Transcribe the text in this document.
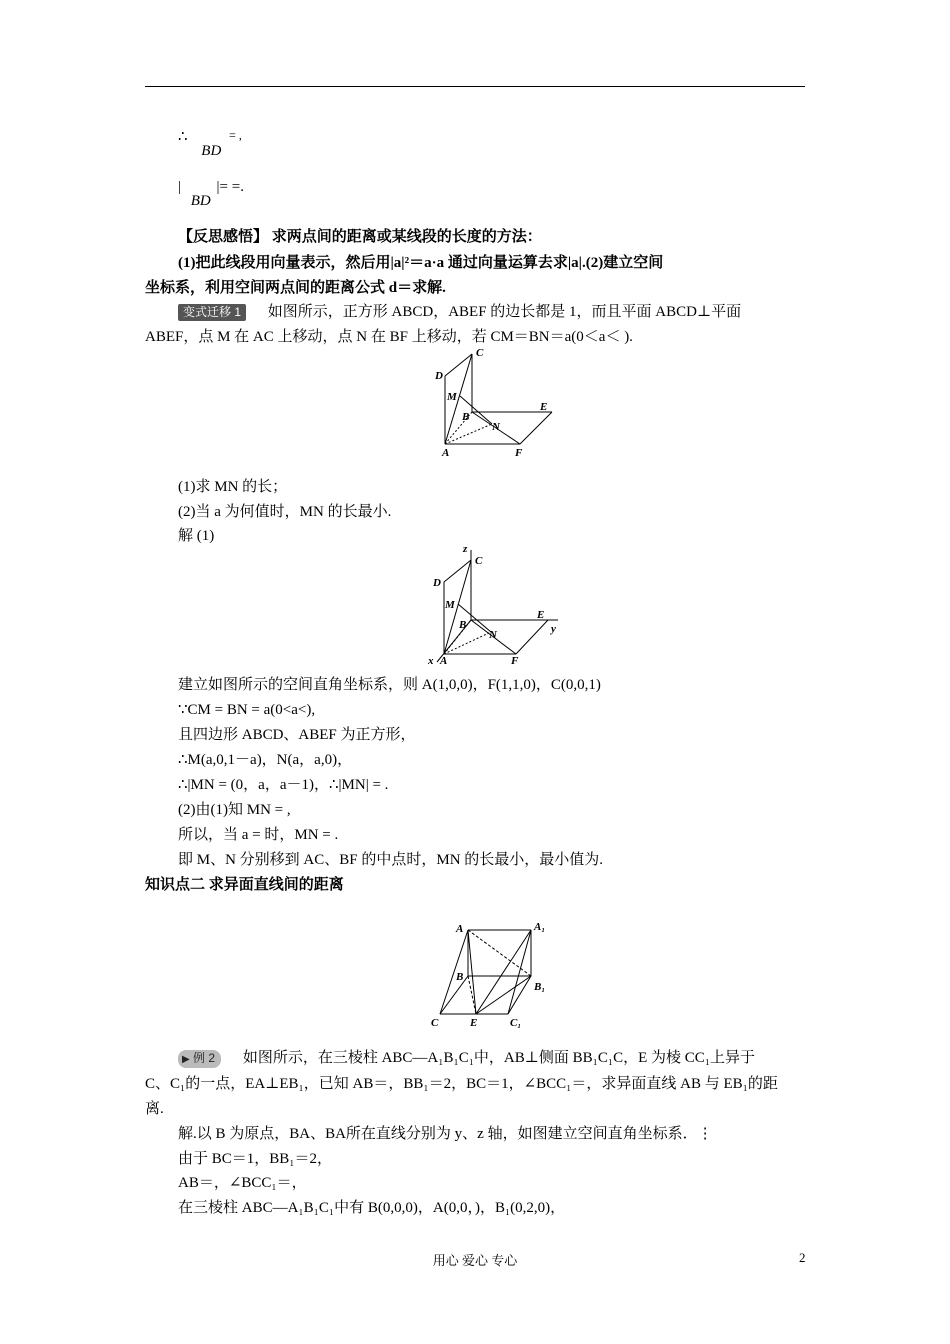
∴ BD = ,
| BD |= =.
【反思感悟】 求两点间的距离或某线段的长度的方法：
(1)把此线段用向量表示，然后用|a|²＝a·a 通过向量运算去求|a|.(2)建立空间
坐标系，利用空间两点间的距离公式 d＝求解.
变式迁移 1 如图所示，正方形 ABCD，ABEF 的边长都是 1，而且平面 ABCD⊥平面
ABEF，点 M 在 AC 上移动，点 N 在 BF 上移动，若 CM＝BN＝a(0＜a＜ ).
C
D
M
B
N
E
A	F
(1)求 MN 的长；
(2)当 a 为何值时，MN 的长最小.
解 (1)
z
C
D
M
B
N
E
y
x A	F
建立如图所示的空间直角坐标系，则 A(1,0,0)，F(1,1,0)，C(0,0,1)
∵CM = BN = a(0<a<),
且四边形 ABCD、ABEF 为正方形，
∴M(a,0,1－a)，N(a，a,0)，
∴|MN = (0，a，a－1)，∴|MN| = .
(2)由(1)知 MN = ,
所以，当 a = 时，MN = .
即 M、N 分别移到 AC、BF 的中点时，MN 的长最小，最小值为.
知识点二 求异面直线间的距离
A	A₁
B
B₁
C	E	C₁
▶ 例 2 如图所示，在三棱柱 ABC—A₁B₁C₁中，AB⊥侧面 BB₁C₁C，E 为棱 CC₁上异于
C、C₁的一点，EA⊥EB₁，已知 AB＝，BB₁＝2，BC＝1，∠BCC₁＝，求异面直线 AB 与 EB₁的距
离.
解.以 B 为原点，BA、BA所在直线分别为 y、z 轴，如图建立空间直角坐标系．⋮
由于 BC＝1，BB₁＝2，
AB＝，∠BCC₁＝，
在三棱柱 ABC—A₁B₁C₁中有 B(0,0,0)，A(0,0，)，B₁(0,2,0)，
用心 爱心 专心	2
